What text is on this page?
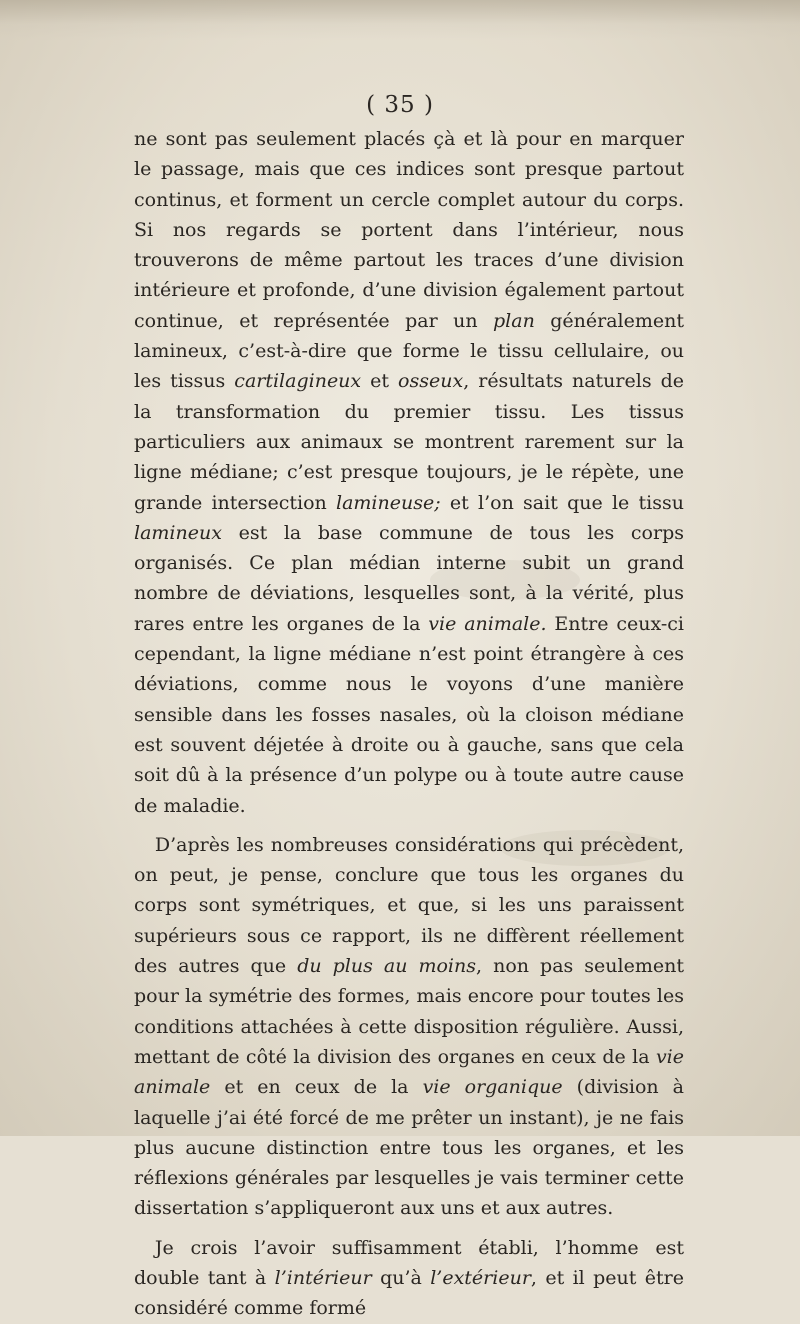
( 35 )

ne sont pas seulement placés çà et là pour en marquer le passage, mais que ces indices sont presque partout continus, et forment un cercle complet autour du corps. Si nos regards se portent dans l’intérieur, nous trouverons de même partout les traces d’une division intérieure et profonde, d’une division également partout continue, et représentée par un plan généralement lamineux, c’est-à-dire que forme le tissu cellulaire, ou les tissus cartilagineux et osseux, résultats naturels de la transformation du premier tissu. Les tissus particuliers aux animaux se montrent rarement sur la ligne médiane; c’est presque toujours, je le répète, une grande intersection lamineuse; et l’on sait que le tissu lamineux est la base commune de tous les corps organisés. Ce plan médian interne subit un grand nombre de déviations, lesquelles sont, à la vérité, plus rares entre les organes de la vie animale. Entre ceux-ci cependant, la ligne médiane n’est point étrangère à ces déviations, comme nous le voyons d’une manière sensible dans les fosses nasales, où la cloison médiane est souvent déjetée à droite ou à gauche, sans que cela soit dû à la présence d’un polype ou à toute autre cause de maladie.

D’après les nombreuses considérations qui précèdent, on peut, je pense, conclure que tous les organes du corps sont symétriques, et que, si les uns paraissent supérieurs sous ce rapport, ils ne diffèrent réellement des autres que du plus au moins, non pas seulement pour la symétrie des formes, mais encore pour toutes les conditions attachées à cette disposition régulière. Aussi, mettant de côté la division des organes en ceux de la vie animale et en ceux de la vie organique (division à laquelle j’ai été forcé de me prêter un instant), je ne fais plus aucune distinction entre tous les organes, et les réflexions générales par lesquelles je vais terminer cette dissertation s’appliqueront aux uns et aux autres.

Je crois l’avoir suffisamment établi, l’homme est double tant à l’intérieur qu’à l’extérieur, et il peut être considéré comme formé
